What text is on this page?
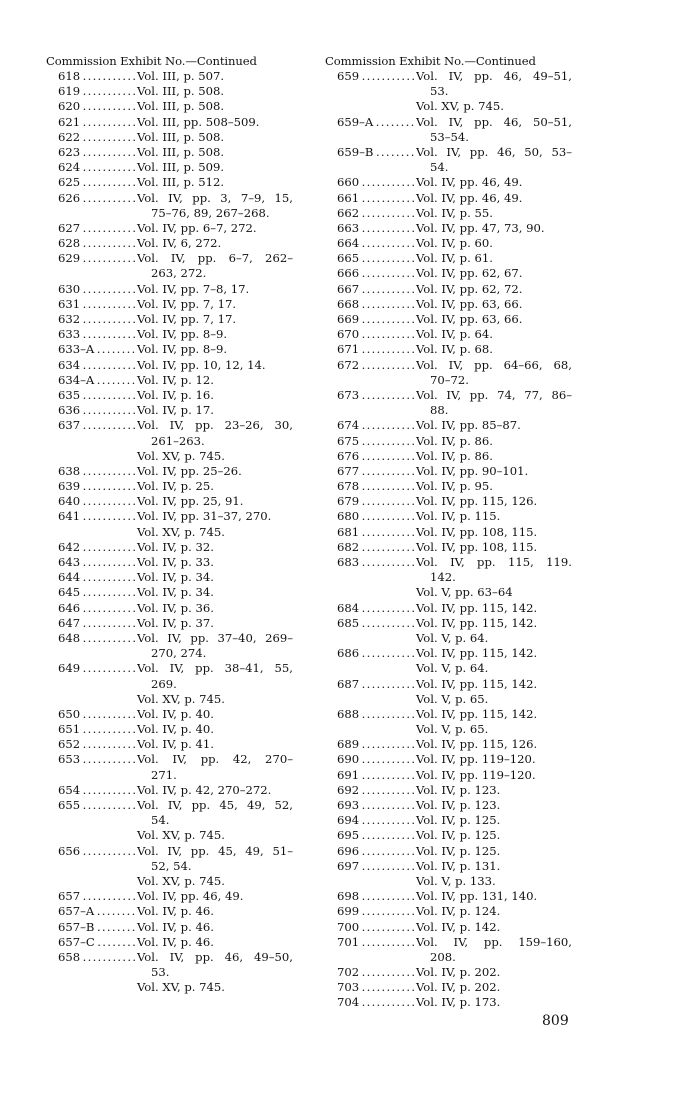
Commission Exhibit No.—Continued
618 . . .	Vol. III, p. 507.
619 . . .	Vol. III, p. 508.
620 . . .	Vol. III, p. 508.
621 . . .	Vol. III, pp. 508–509.
622 . . .	Vol. III, p. 508.
623 . . .	Vol. III, p. 508.
624 . . .	Vol. III, p. 509.
625 . . .	Vol. III, p. 512.
626 . . .	Vol. IV, pp. 3, 7–9, 15,
75–76, 89, 267–268.
627 . . .	Vol. IV, pp. 6–7, 272.
628 . . .	Vol. IV, 6, 272.
629 . . .	Vol. IV, pp. 6–7, 262–
263, 272.
630 . . .	Vol. IV, pp. 7–8, 17.
631 . . .	Vol. IV, pp. 7, 17.
632 . . .	Vol. IV, pp. 7, 17.
633 . . .	Vol. IV, pp. 8–9.
633–A . . .	Vol. IV, pp. 8–9.
634 . . .	Vol. IV, pp. 10, 12, 14.
634–A . . .	Vol. IV, p. 12.
635 . . .	Vol. IV, p. 16.
636 . . .	Vol. IV, p. 17.
637 . . .	Vol. IV, pp. 23–26, 30,
261–263.
Vol. XV, p. 745.
638 . . .	Vol. IV, pp. 25–26.
639 . . .	Vol. IV, p. 25.
640 . . .	Vol. IV, pp. 25, 91.
641 . . .	Vol. IV, pp. 31–37, 270.
Vol. XV, p. 745.
642 . . .	Vol. IV, p. 32.
643 . . .	Vol. IV, p. 33.
644 . . .	Vol. IV, p. 34.
645 . . .	Vol. IV, p. 34.
646 . . .	Vol. IV, p. 36.
647 . . .	Vol. IV, p. 37.
648 . . .	Vol. IV, pp. 37–40, 269–
270, 274.
649 . . .	Vol. IV, pp. 38–41, 55,
269.
Vol. XV, p. 745.
650 . . .	Vol. IV, p. 40.
651 . . .	Vol. IV, p. 40.
652 . . .	Vol. IV, p. 41.
653 . . .	Vol. IV, pp. 42, 270–
271.
654 . . .	Vol. IV, p. 42, 270–272.
655 . . .	Vol. IV, pp. 45, 49, 52,
54.
Vol. XV, p. 745.
656 . . .	Vol. IV, pp. 45, 49, 51–
52, 54.
Vol. XV, p. 745.
657 . . .	Vol. IV, pp. 46, 49.
657–A . . .	Vol. IV, p. 46.
657–B . . .	Vol. IV, p. 46.
657–C . . .	Vol. IV, p. 46.
658 . . .	Vol. IV, pp. 46, 49–50,
53.
Vol. XV, p. 745.
Commission Exhibit No.—Continued
659 . . .	Vol. IV, pp. 46, 49–51,
53.
Vol. XV, p. 745.
659–A . . .	Vol. IV, pp. 46, 50–51,
53–54.
659–B . . .	Vol. IV, pp. 46, 50, 53–
54.
660 . . .	Vol. IV, pp. 46, 49.
661 . . .	Vol. IV, pp. 46, 49.
662 . . .	Vol. IV, p. 55.
663 . . .	Vol. IV, pp. 47, 73, 90.
664 . . .	Vol. IV, p. 60.
665 . . .	Vol. IV, p. 61.
666 . . .	Vol. IV, pp. 62, 67.
667 . . .	Vol. IV, pp. 62, 72.
668 . . .	Vol. IV, pp. 63, 66.
669 . . .	Vol. IV, pp. 63, 66.
670 . . .	Vol. IV, p. 64.
671 . . .	Vol. IV, p. 68.
672 . . .	Vol. IV, pp. 64–66, 68,
70–72.
673 . . .	Vol. IV, pp. 74, 77, 86–
88.
674 . . .	Vol. IV, pp. 85–87.
675 . . .	Vol. IV, p. 86.
676 . . .	Vol. IV, p. 86.
677 . . .	Vol. IV, pp. 90–101.
678 . . .	Vol. IV, p. 95.
679 . . .	Vol. IV, pp. 115, 126.
680 . . .	Vol. IV, p. 115.
681 . . .	Vol. IV, pp. 108, 115.
682 . . .	Vol. IV, pp. 108, 115.
683 . . .	Vol. IV, pp. 115, 119.
142.
Vol. V, pp. 63–64
684 . . .	Vol. IV, pp. 115, 142.
685 . . .	Vol. IV, pp. 115, 142.
Vol. V, p. 64.
686 . . .	Vol. IV, pp. 115, 142.
Vol. V, p. 64.
687 . . .	Vol. IV, pp. 115, 142.
Vol. V, p. 65.
688 . . .	Vol. IV, pp. 115, 142.
Vol. V, p. 65.
689 . . .	Vol. IV, pp. 115, 126.
690 . . .	Vol. IV, pp. 119–120.
691 . . .	Vol. IV, pp. 119–120.
692 . . .	Vol. IV, p. 123.
693 . . .	Vol. IV, p. 123.
694 . . .	Vol. IV, p. 125.
695 . . .	Vol. IV, p. 125.
696 . . .	Vol. IV, p. 125.
697 . . .	Vol. IV, p. 131.
Vol. V, p. 133.
698 . . .	Vol. IV, pp. 131, 140.
699 . . .	Vol. IV, p. 124.
700 . . .	Vol. IV, p. 142.
701 . . .	Vol. IV, pp. 159–160,
208.
702 . . .	Vol. IV, p. 202.
703 . . .	Vol. IV, p. 202.
704 . . .	Vol. IV, p. 173.
809
